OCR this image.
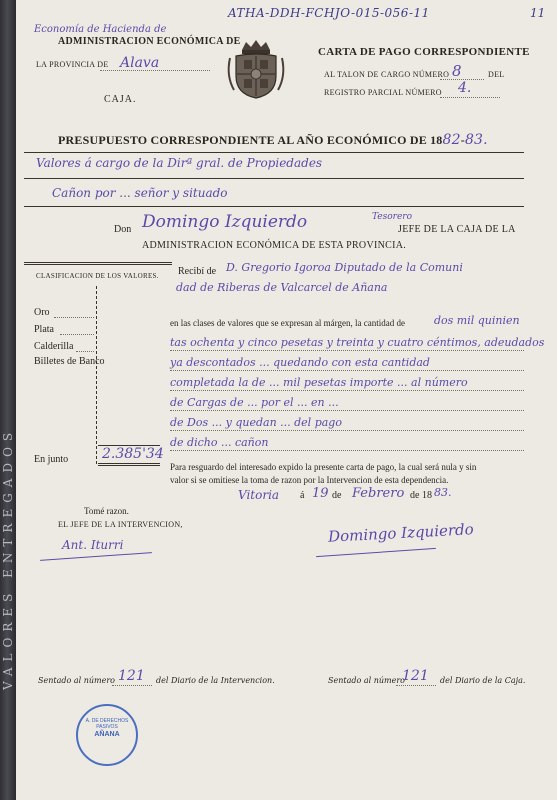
VALORES ENTREGADOS
ATHA-DDH-FCHJO-015-056-11	11
Economía de Hacienda de
ADMINISTRACION ECONÓMICA DE
LA PROVINCIA DE Alava
CAJA.
CARTA DE PAGO CORRESPONDIENTE
AL TALON DE CARGO NÚMERO 8	DEL
REGISTRO PARCIAL NÚMERO 4.
PRESUPUESTO CORRESPONDIENTE AL AÑO ECONÓMICO DE 1882-83.
Valores á cargo de la Dirª gral. de Propiedades
Cañon por ... señor y situado
Don Domingo Izquierdo	Tesorero
JEFE DE LA CAJA DE LA
ADMINISTRACION ECONÓMICA DE ESTA PROVINCIA.
CLASIFICACION DE LOS VALORES.
Oro
Plata
Calderilla
Billetes de Banco
En junto 2.385'34
Recibí de D. Gregorio Igoroa Diputado de la Comuni
dad de Riberas de Valcarcel de Añana
en las clases de valores que se expresan al márgen, la cantidad de	dos mil quinien
tas ochenta y cinco pesetas y treinta y cuatro céntimos, adeudados
ya descontados ... quedando con esta cantidad
completada la de ... mil pesetas importe ... al número
de Cargas de ... por el ... en ...
de Dos ... y quedan ... del pago
de dicho ... cañon
Para resguardo del interesado expido la presente carta de pago, la cual será nula y sin
valor si se omitiese la toma de razon por la Intervencion de esta dependencia.
Vitoria á 19 de Febrero de 18 83.
Domingo Izquierdo
Tomé razon.
EL JEFE DE LA INTERVENCION,
Ant. Iturri
Sentado al número 121 del Diario de la Intervencion.	Sentado al número
121 del Diario de la Caja.
A. DE DERECHOS PASIVOS
AÑANA
